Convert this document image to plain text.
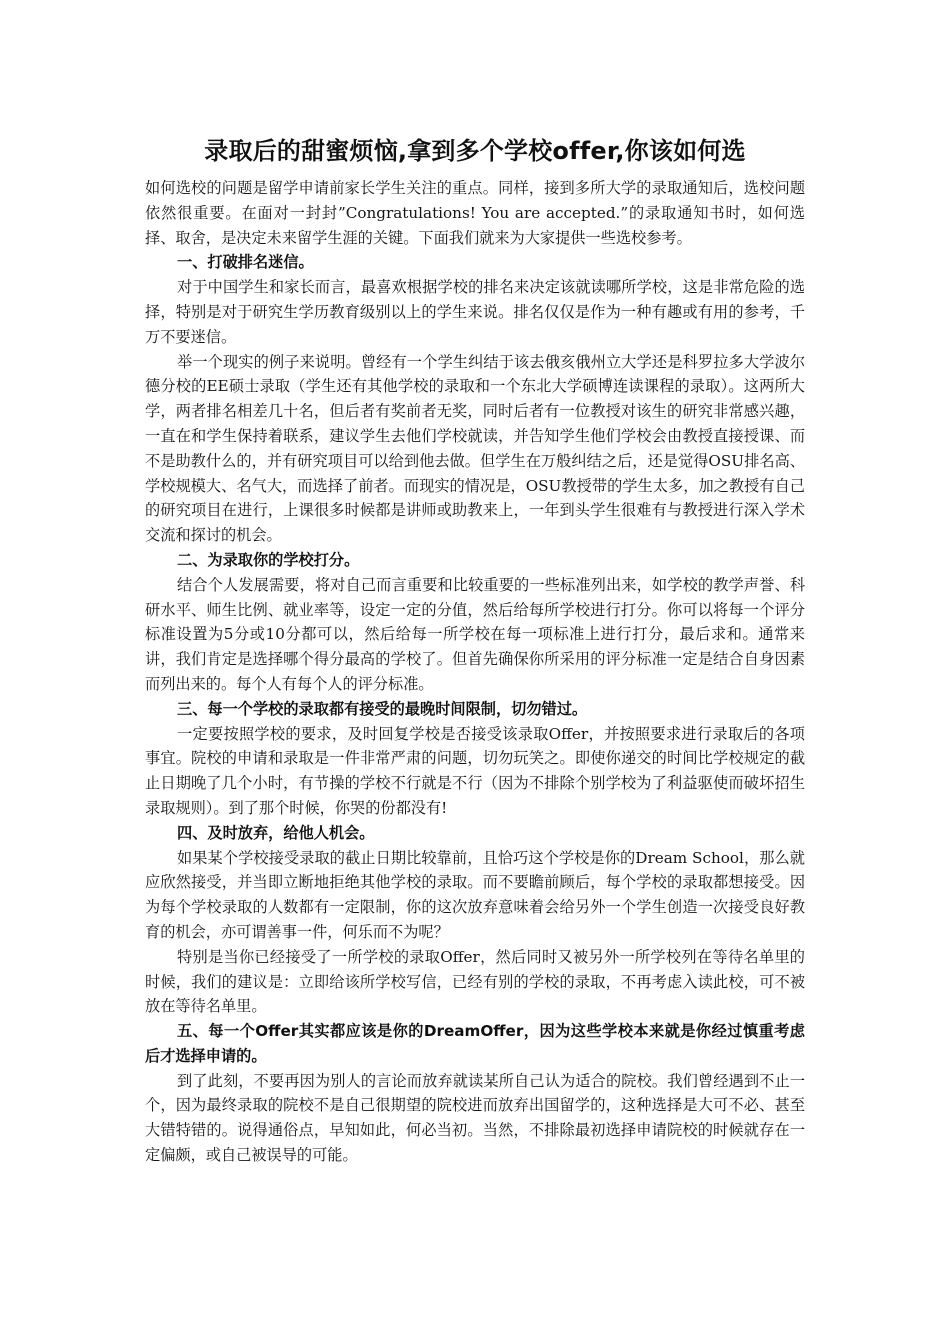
录取后的甜蜜烦恼,拿到多个学校offer,你该如何选

如何选校的问题是留学申请前家长学生关注的重点。同样，接到多所大学的录取通知后，选校问题依然很重要。在面对一封封”Congratulations! You are accepted.”的录取通知书时，如何选择、取舍，是决定未来留学生涯的关键。下面我们就来为大家提供一些选校参考。

一、打破排名迷信。

对于中国学生和家长而言，最喜欢根据学校的排名来决定该就读哪所学校，这是非常危险的选择，特别是对于研究生学历教育级别以上的学生来说。排名仅仅是作为一种有趣或有用的参考，千万不要迷信。

举一个现实的例子来说明。曾经有一个学生纠结于该去俄亥俄州立大学还是科罗拉多大学波尔德分校的EE硕士录取（学生还有其他学校的录取和一个东北大学硕博连读课程的录取）。这两所大学，两者排名相差几十名，但后者有奖前者无奖，同时后者有一位教授对该生的研究非常感兴趣，一直在和学生保持着联系，建议学生去他们学校就读，并告知学生他们学校会由教授直接授课、而不是助教什么的，并有研究项目可以给到他去做。但学生在万般纠结之后，还是觉得OSU排名高、学校规模大、名气大，而选择了前者。而现实的情况是，OSU教授带的学生太多，加之教授有自己的研究项目在进行，上课很多时候都是讲师或助教来上，一年到头学生很难有与教授进行深入学术交流和探讨的机会。

二、为录取你的学校打分。

结合个人发展需要，将对自己而言重要和比较重要的一些标准列出来，如学校的教学声誉、科研水平、师生比例、就业率等，设定一定的分值，然后给每所学校进行打分。你可以将每一个评分标准设置为5分或10分都可以，然后给每一所学校在每一项标准上进行打分，最后求和。通常来讲，我们肯定是选择哪个得分最高的学校了。但首先确保你所采用的评分标准一定是结合自身因素而列出来的。每个人有每个人的评分标准。

三、每一个学校的录取都有接受的最晚时间限制，切勿错过。

一定要按照学校的要求，及时回复学校是否接受该录取Offer，并按照要求进行录取后的各项事宜。院校的申请和录取是一件非常严肃的问题，切勿玩笑之。即使你递交的时间比学校规定的截止日期晚了几个小时，有节操的学校不行就是不行（因为不排除个别学校为了利益驱使而破坏招生录取规则）。到了那个时候，你哭的份都没有!

四、及时放弃，给他人机会。

如果某个学校接受录取的截止日期比较靠前，且恰巧这个学校是你的Dream School，那么就应欣然接受，并当即立断地拒绝其他学校的录取。而不要瞻前顾后，每个学校的录取都想接受。因为每个学校录取的人数都有一定限制，你的这次放弃意味着会给另外一个学生创造一次接受良好教育的机会，亦可谓善事一件，何乐而不为呢？

特别是当你已经接受了一所学校的录取Offer，然后同时又被另外一所学校列在等待名单里的时候，我们的建议是：立即给该所学校写信，已经有别的学校的录取，不再考虑入读此校，可不被放在等待名单里。

五、每一个Offer其实都应该是你的DreamOffer，因为这些学校本来就是你经过慎重考虑后才选择申请的。

到了此刻，不要再因为别人的言论而放弃就读某所自己认为适合的院校。我们曾经遇到不止一个，因为最终录取的院校不是自己很期望的院校进而放弃出国留学的，这种选择是大可不必、甚至大错特错的。说得通俗点，早知如此，何必当初。当然，不排除最初选择申请院校的时候就存在一定偏颇，或自己被误导的可能。
